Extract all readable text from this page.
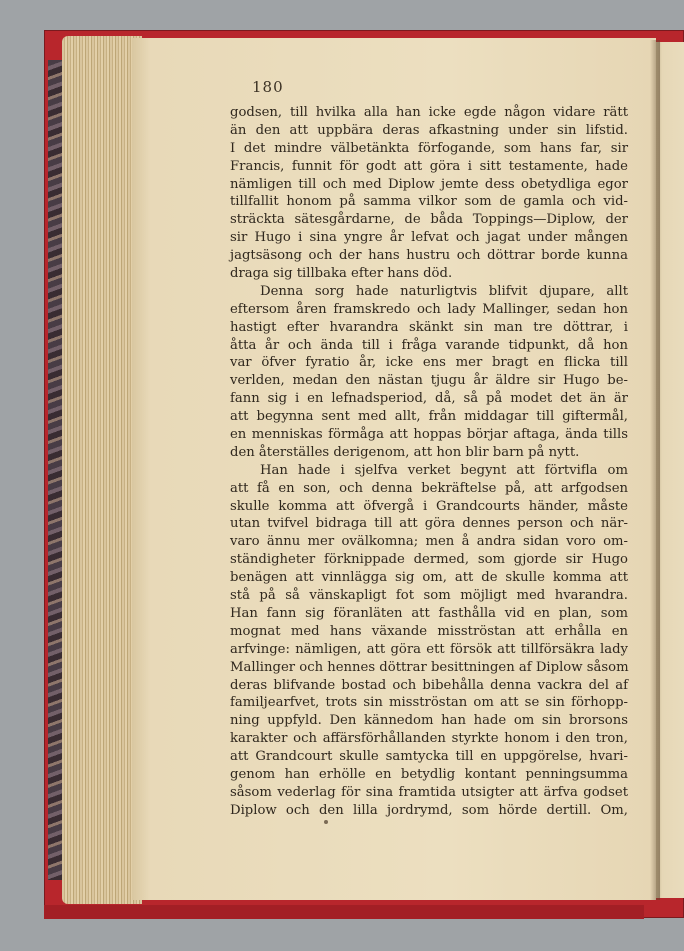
180
godsen, till hvilka alla han icke egde någon vidare rätt
än den att uppbära deras afkastning under sin lifstid.
I det mindre välbetänkta förfogande, som hans far, sir
Francis, funnit för godt att göra i sitt testamente, hade
nämligen till och med Diplow jemte dess obetydliga egor
tillfallit honom på samma vilkor som de gamla och vid-
sträckta sätesgårdarne, de båda Toppings—Diplow, der
sir Hugo i sina yngre år lefvat och jagat under mången
jagtsäsong och der hans hustru och döttrar borde kunna
draga sig tillbaka efter hans död.
Denna sorg hade naturligtvis blifvit djupare, allt
eftersom åren framskredo och lady Mallinger, sedan hon
hastigt efter hvarandra skänkt sin man tre döttrar, i
åtta år och ända till i fråga varande tidpunkt, då hon
var öfver fyratio år, icke ens mer bragt en flicka till
verlden, medan den nästan tjugu år äldre sir Hugo be-
fann sig i en lefnadsperiod, då, så på modet det än är
att begynna sent med allt, från middagar till giftermål,
en menniskas förmåga att hoppas börjar aftaga, ända tills
den återställes derigenom, att hon blir barn på nytt.
Han hade i sjelfva verket begynt att förtvifla om
att få en son, och denna bekräftelse på, att arfgodsen
skulle komma att öfvergå i Grandcourts händer, måste
utan tvifvel bidraga till att göra dennes person och när-
varo ännu mer ovälkomna; men å andra sidan voro om-
ständigheter förknippade dermed, som gjorde sir Hugo
benägen att vinnlägga sig om, att de skulle komma att
stå på så vänskapligt fot som möjligt med hvarandra.
Han fann sig föranläten att fasthålla vid en plan, som
mognat med hans växande misströstan att erhålla en
arfvinge: nämligen, att göra ett försök att tillförsäkra lady
Mallinger och hennes döttrar besittningen af Diplow såsom
deras blifvande bostad och bibehålla denna vackra del af
familjearfvet, trots sin misströstan om att se sin förhopp-
ning uppfyld. Den kännedom han hade om sin brorsons
karakter och affärsförhållanden styrkte honom i den tron,
att Grandcourt skulle samtycka till en uppgörelse, hvari-
genom han erhölle en betydlig kontant penningsumma
såsom vederlag för sina framtida utsigter att ärfva godset
Diplow och den lilla jordrymd, som hörde dertill. Om,
